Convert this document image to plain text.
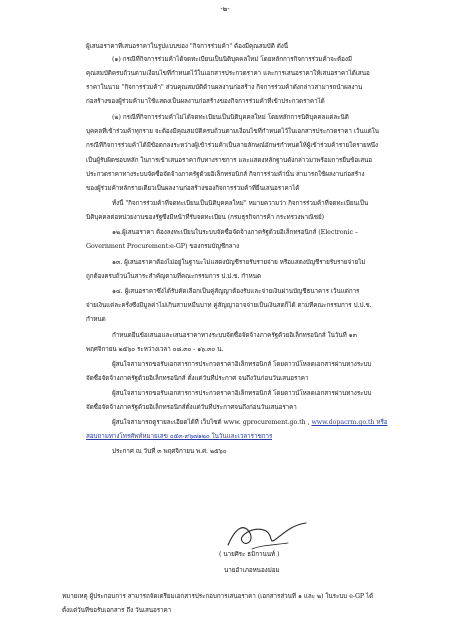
-๒-
ผู้เสนอราคาที่เสนอราคาในรูปแบบของ "กิจการร่วมค้า" ต้องมีคุณสมบัติ ดังนี้
(๑) กรณีที่กิจการร่วมค้าได้จดทะเบียนเป็นนิติบุคคลใหม่ โดยหลักการกิจการร่วมค้าจะต้องมี
คุณสมบัติครบถ้วนตามเงื่อนไขที่กำหนดไว้ในเอกสารประกวดราคา และการเสนอราคาให้เสนอราคาได้เสนอ
ราคาในนาม "กิจการร่วมค้า" ส่วนคุณสมบัติด้านผลงานก่อสร้าง กิจการร่วมค้าดังกล่าวสามารถนำผลงาน
ก่อสร้างของผู้ร่วมค้ามาใช้แสดงเป็นผลงานก่อสร้างของกิจการร่วมค้าที่เข้าประกวดราคาได้
(๒) กรณีที่กิจการร่วมค้าไม่ได้จดทะเบียนเป็นนิติบุคคลใหม่ โดยหลักการนิติบุคคลแต่ละนิติ
บุคคลที่เข้าร่วมค้าทุกราย จะต้องมีคุณสมบัติครบถ้วนตามเงื่อนไขที่กำหนดไว้ในเอกสารประกวดราคา เว้นแต่ใน
กรณีที่กิจการร่วมค้าได้มีข้อตกลงระหว่างผู้เข้าร่วมค้าเป็นลายลักษณ์อักษรกำหนดให้ผู้เข้าร่วมค้ารายใดรายหนึ่ง
เป็นผู้รับผิดชอบหลัก ในการเข้าเสนอราคากับทางราชการ และแสดงหลักฐานดังกล่าวมาพร้อมการยื่นข้อเสนอ
ประกวดราคาทางระบบจัดซื้อจัดจ้างภาครัฐด้วยอิเล็กทรอนิกส์ กิจการร่วมค้านั้น สามารถใช้ผลงานก่อสร้าง
ของผู้ร่วมค้าหลักรายเดียวเป็นผลงานก่อสร้างของกิจการร่วมค้าที่ยื่นเสนอราคาได้
ทั้งนี้ "กิจการร่วมค้าที่จดทะเบียนเป็นนิติบุคคลใหม่" หมายความว่า กิจการร่วมค้าที่จดทะเบียนเป็น
นิติบุคคลต่อหน่วยงานของรัฐซึ่งมีหน้าที่รับจดทะเบียน (กรมธุรกิจการค้า กระทรวงพาณิชย์)
๑๒.ผู้เสนอราคา ต้องลงทะเบียนในระบบจัดซื้อจัดจ้างภาครัฐด้วยอิเล็กทรอนิกส์ (Electronic –
Government Procurement:e-GP) ของกรมบัญชีกลาง
๑๓. ผู้เสนอราคาต้องไม่อยู่ในฐานะไม่แสดงบัญชีรายรับรายจ่าย หรือแสดงบัญชีรายรับรายจ่ายไม่
ถูกต้องครบถ้วนในสาระสำคัญตามที่คณะกรรมการ ป.ป.ช. กำหนด
๑๔. ผู้เสนอราคาซึ่งได้รับคัดเลือกเป็นคู่สัญญาต้องรับและจ่ายเงินผ่านบัญชีธนาคาร เว้นแต่การ
จ่ายเงินแต่ละครั้งซึ่งมีมูลค่าไม่เกินสามหมื่นบาท คู่สัญญาอาจจ่ายเป็นเงินสดก็ได้ ตามที่คณะกรรมการ ป.ป.ช.
กำหนด
กำหนดยื่นข้อเสนอและเสนอราคาทางระบบจัดซื้อจัดจ้างภาครัฐด้วยอิเล็กทรอนิกส์ ในวันที่ ๑๓
พฤศจิกายน ๒๕๖๐ ระหว่างเวลา ๐๘.๓๐ - ๑๖.๓๐ น.
ผู้สนใจสามารถขอรับเอกสารการประกวดราคาอิเล็กทรอนิกส์ โดยดาวน์โหลดเอกสารผ่านทางระบบ
จัดซื้อจัดจ้างภาครัฐด้วยอิเล็กทรอนิกส์ ตั้งแต่วันที่ประกาศ จนถึงวันก่อนวันเสนอราคา
ผู้สนใจสามารถขอรับเอกสารการประกวดราคาอิเล็กทรอนิกส์ โดยดาวน์โหลดเอกสารผ่านทางระบบ
จัดซื้อจัดจ้างภาครัฐด้วยอิเล็กทรอนิกส์ตั้งแต่วันที่ประกาศจนถึงก่อนวันเสนอราคา
ผู้สนใจสามารถดูรายละเอียดได้ที่ เว็บไซต์ www. gprocurement.go.th , www.dopacrm.go.th หรือ
สอบถามทางโทรศัพท์หมายเลข ๐๕๓-๙๖๗๑๒๐ ในวันและเวลาราชการ
ประกาศ ณ วันที่ ๓ พฤศจิกายน พ.ศ. ๒๕๖๐
( นายศิระ ธมิกานนท์ )
นายอำเภอหนองม่อม
หมายเหตุ ผู้ประกอบการ สามารถจัดเตรียมเอกสารประกอบการเสนอราคา (เอกสารส่วนที่ ๑ และ ๒) ในระบบ e-GP ได้
ตั้งแต่วันที่ขอรับเอกสาร ถึง วันเสนอราคา
